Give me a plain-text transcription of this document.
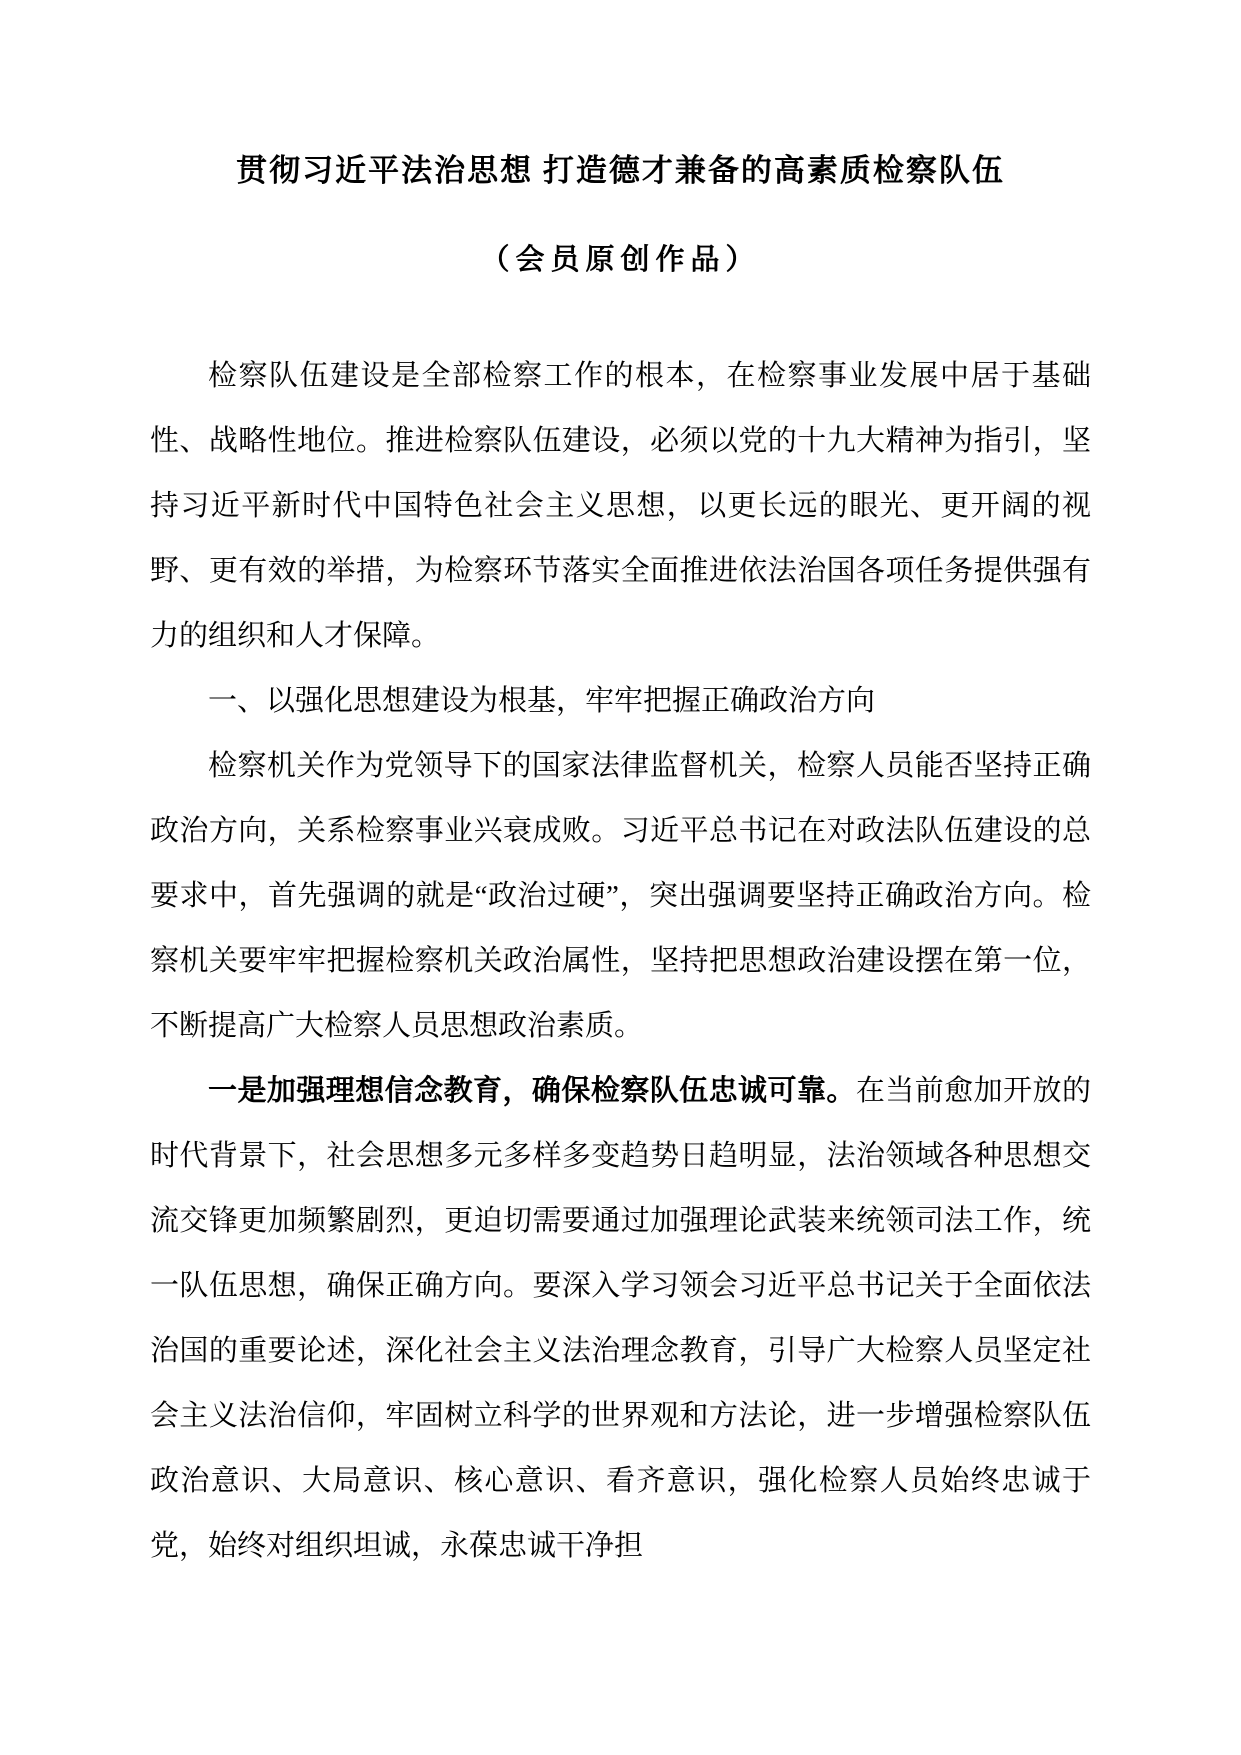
贯彻习近平法治思想 打造德才兼备的高素质检察队伍
（会员原创作品）

检察队伍建设是全部检察工作的根本，在检察事业发展中居于基础性、战略性地位。推进检察队伍建设，必须以党的十九大精神为指引，坚持习近平新时代中国特色社会主义思想，以更长远的眼光、更开阔的视野、更有效的举措，为检察环节落实全面推进依法治国各项任务提供强有力的组织和人才保障。

一、以强化思想建设为根基，牢牢把握正确政治方向

检察机关作为党领导下的国家法律监督机关，检察人员能否坚持正确政治方向，关系检察事业兴衰成败。习近平总书记在对政法队伍建设的总要求中，首先强调的就是“政治过硬”，突出强调要坚持正确政治方向。检察机关要牢牢把握检察机关政治属性，坚持把思想政治建设摆在第一位，不断提高广大检察人员思想政治素质。

一是加强理想信念教育，确保检察队伍忠诚可靠。在当前愈加开放的时代背景下，社会思想多元多样多变趋势日趋明显，法治领域各种思想交流交锋更加频繁剧烈，更迫切需要通过加强理论武装来统领司法工作，统一队伍思想，确保正确方向。要深入学习领会习近平总书记关于全面依法治国的重要论述，深化社会主义法治理念教育，引导广大检察人员坚定社会主义法治信仰，牢固树立科学的世界观和方法论，进一步增强检察队伍政治意识、大局意识、核心意识、看齐意识，强化检察人员始终忠诚于党，始终对组织坦诚，永葆忠诚干净担
